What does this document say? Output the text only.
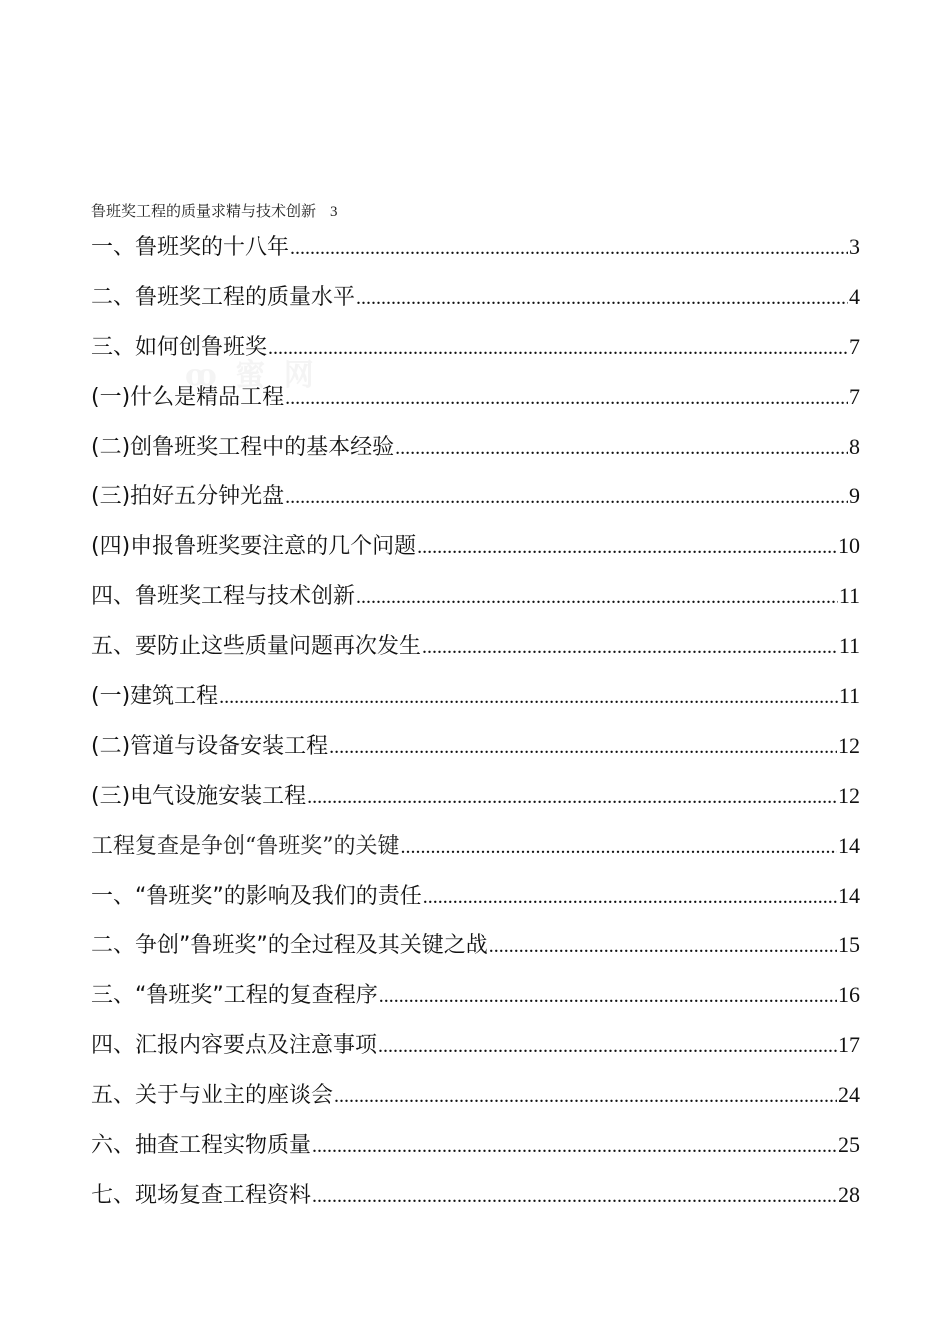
ꝏ 蜜 网
鲁班奖工程的质量求精与技术创新 3
一、鲁班奖的十八年 .....	3
二、鲁班奖工程的质量水平 .....	4
三、如何创鲁班奖 .....	7
(一)什么是精品工程 .....	7
(二)创鲁班奖工程中的基本经验 .....	8
(三)拍好五分钟光盘 .....	9
(四)申报鲁班奖要注意的几个问题 .....	10
四、鲁班奖工程与技术创新 .....	11
五、要防止这些质量问题再次发生 .....	11
(一)建筑工程 .....	11
(二)管道与设备安装工程 .....	12
(三)电气设施安装工程 .....	12
工程复查是争创“鲁班奖”的关键 .....	14
一、“鲁班奖”的影响及我们的责任 .....	14
二、争创”鲁班奖”的全过程及其关键之战 .....	15
三、“鲁班奖”工程的复查程序 .....	16
四、汇报内容要点及注意事项 .....	17
五、关于与业主的座谈会 .....	24
六、抽查工程实物质量 .....	25
七、现场复查工程资料 .....	28
